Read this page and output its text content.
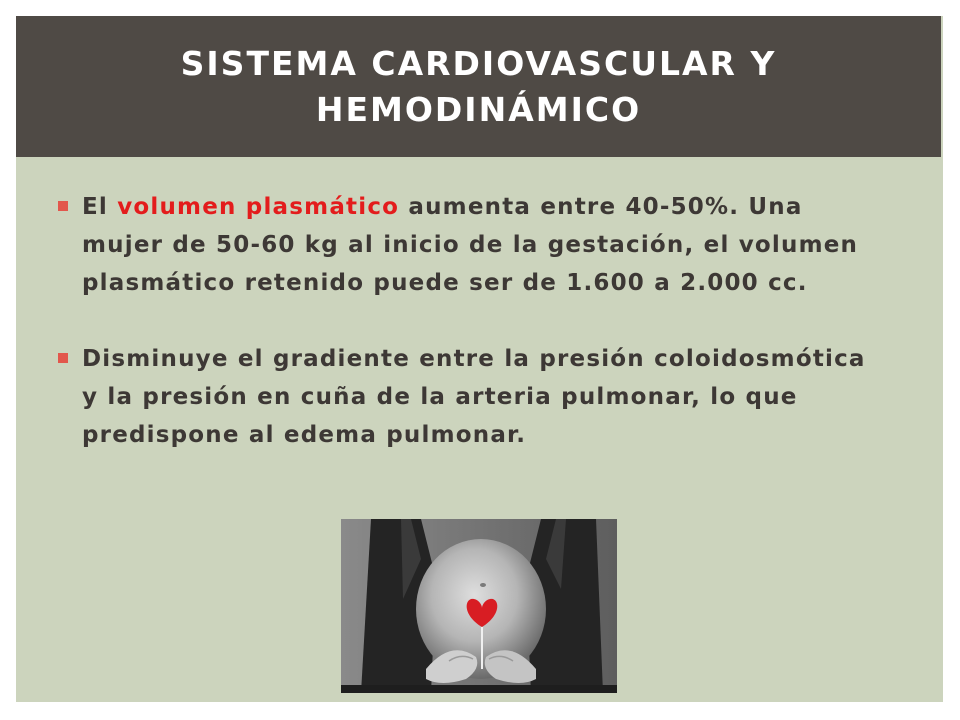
SISTEMA CARDIOVASCULAR Y HEMODINÁMICO

El volumen plasmático aumenta entre 40-50%. Una mujer de 50-60 kg al inicio de la gestación, el volumen plasmático retenido puede ser de 1.600 a 2.000 cc.

Disminuye el gradiente entre la presión coloidosmótica y la presión en cuña de la arteria pulmonar, lo que predispone al edema pulmonar.
